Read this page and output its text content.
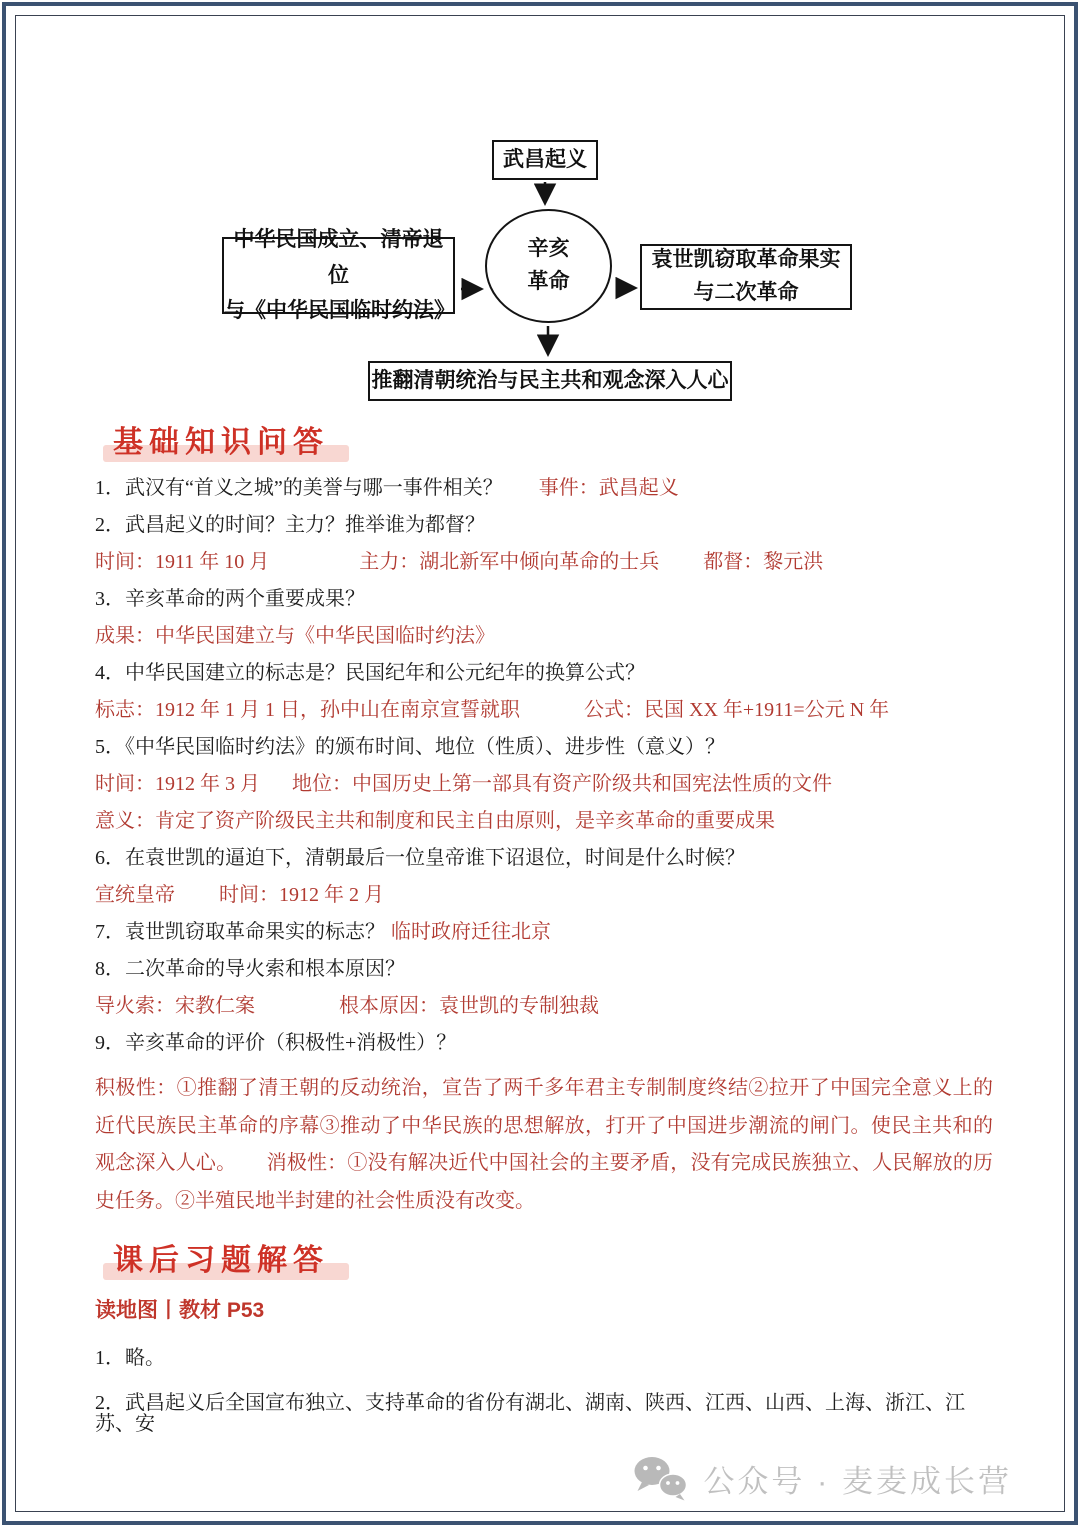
武昌起义
辛亥
革命
中华民国成立、清帝退位
与《中华民国临时约法》
袁世凯窃取革命果实
与二次革命
推翻清朝统治与民主共和观念深入人心
基础知识问答
1．武汉有“首义之城”的美誉与哪一事件相关？ 事件：武昌起义
2．武昌起义的时间？主力？推举谁为都督？
时间：1911 年 10 月	主力：湖北新军中倾向革命的士兵 都督：黎元洪
3．辛亥革命的两个重要成果？
成果：中华民国建立与《中华民国临时约法》
4．中华民国建立的标志是？民国纪年和公元纪年的换算公式？
标志：1912 年 1 月 1 日，孙中山在南京宣誓就职	公式：民国 XX 年+1911=公元 N 年
5．《中华民国临时约法》的颁布时间、地位（性质）、进步性（意义）？
时间：1912 年 3 月 地位：中国历史上第一部具有资产阶级共和国宪法性质的文件
意义：肯定了资产阶级民主共和制度和民主自由原则，是辛亥革命的重要成果
6．在袁世凯的逼迫下，清朝最后一位皇帝谁下诏退位，时间是什么时候？
宣统皇帝 时间：1912 年 2 月
7．袁世凯窃取革命果实的标志？ 临时政府迁往北京
8．二次革命的导火索和根本原因？
导火索：宋教仁案	根本原因：袁世凯的专制独裁
9．辛亥革命的评价（积极性+消极性）？
积极性：①推翻了清王朝的反动统治，宣告了两千多年君主专制制度终结②拉开了中国完全意义上的近代民族民主革命的序幕③推动了中华民族的思想解放，打开了中国进步潮流的闸门。使民主共和的观念深入人心。　　消极性：①没有解决近代中国社会的主要矛盾，没有完成民族独立、人民解放的历史任务。②半殖民地半封建的社会性质没有改变。
课后习题解答
读地图丨教材 P53
1．略。
2．武昌起义后全国宣布独立、支持革命的省份有湖北、湖南、陕西、江西、山西、上海、浙江、江苏、安
公众号 · 麦麦成长营
